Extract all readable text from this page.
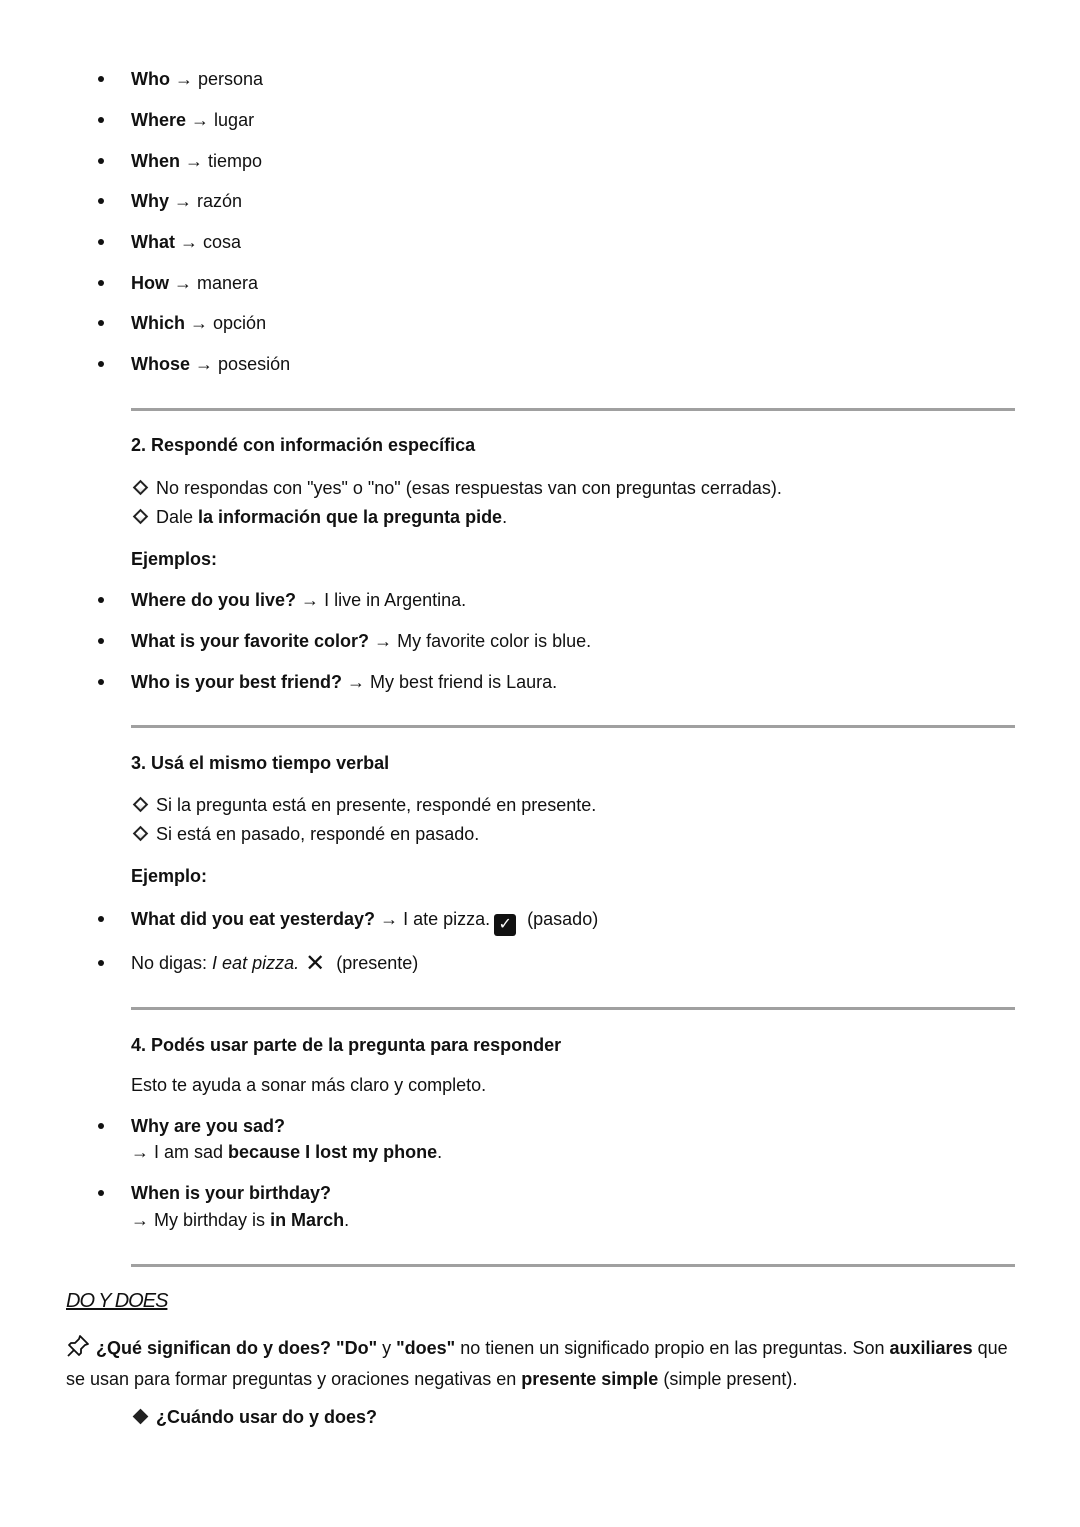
Who → persona
Where → lugar
When → tiempo
Why → razón
What → cosa
How → manera
Which → opción
Whose → posesión
2. Respondé con información específica
No respondas con "yes" o "no" (esas respuestas van con preguntas cerradas).
Dale la información que la pregunta pide.
Ejemplos:
Where do you live? → I live in Argentina.
What is your favorite color? → My favorite color is blue.
Who is your best friend? → My best friend is Laura.
3. Usá el mismo tiempo verbal
Si la pregunta está en presente, respondé en presente.
Si está en pasado, respondé en pasado.
Ejemplo:
What did you eat yesterday? → I ate pizza. ✓ (pasado)
No digas: I eat pizza. ✕ (presente)
4. Podés usar parte de la pregunta para responder
Esto te ayuda a sonar más claro y completo.
Why are you sad?
→ I am sad because I lost my phone.
When is your birthday?
→ My birthday is in March.
DO Y DOES
¿Qué significan do y does? "Do" y "does" no tienen un significado propio en las preguntas. Son auxiliares que se usan para formar preguntas y oraciones negativas en presente simple (simple present).
¿Cuándo usar do y does?
